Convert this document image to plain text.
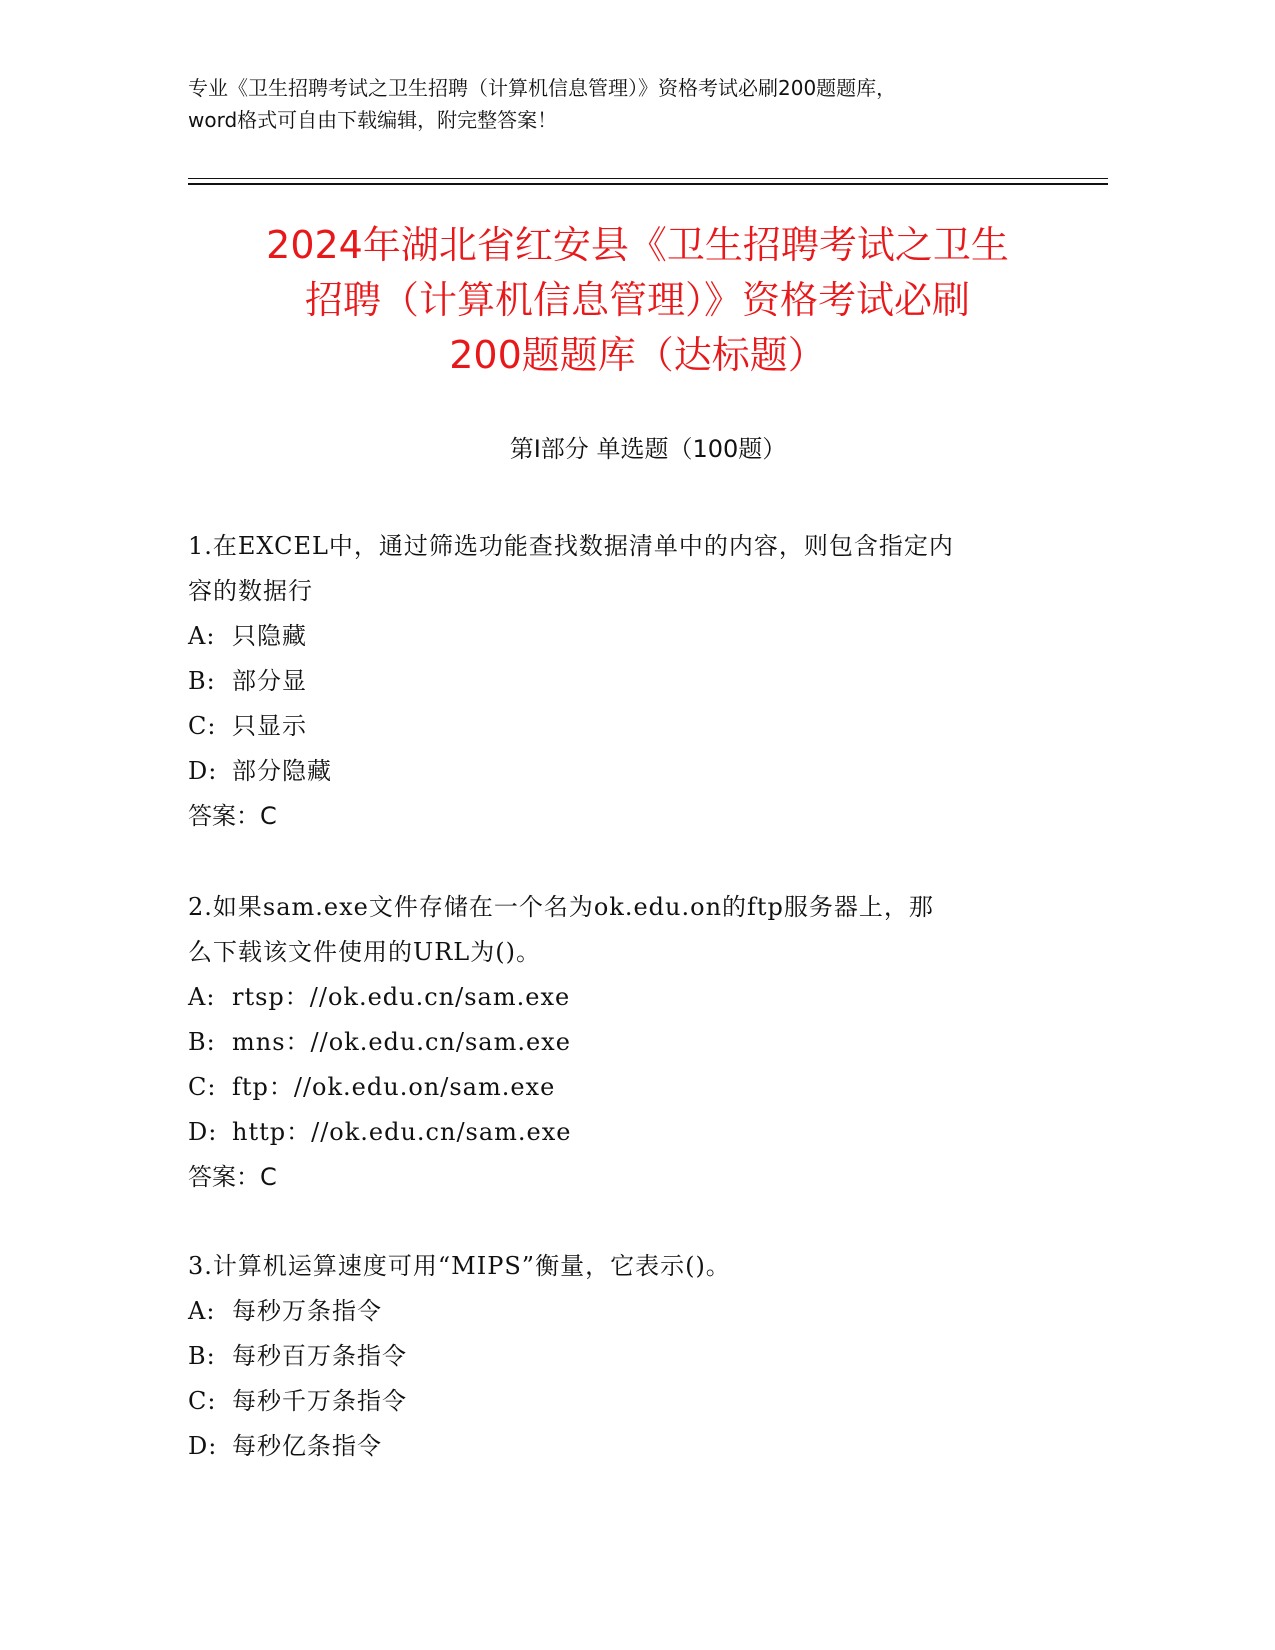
专业《卫生招聘考试之卫生招聘（计算机信息管理）》资格考试必刷200题题库，
word格式可自由下载编辑，附完整答案！
2024年湖北省红安县《卫生招聘考试之卫生
招聘（计算机信息管理）》资格考试必刷
200题题库（达标题）
第I部分 单选题（100题）
1.在EXCEL中，通过筛选功能查找数据清单中的内容，则包含指定内
容的数据行
A: 只隐藏
B: 部分显
C: 只显示
D: 部分隐藏
答案：C
2.如果sam.exe文件存储在一个名为ok.edu.on的ftp服务器上，那
么下载该文件使用的URL为()。
A: rtsp：//ok.edu.cn/sam.exe
B: mns：//ok.edu.cn/sam.exe
C: ftp：//ok.edu.on/sam.exe
D: http：//ok.edu.cn/sam.exe
答案：C
3.计算机运算速度可用“MIPS”衡量，它表示()。
A: 每秒万条指令
B: 每秒百万条指令
C: 每秒千万条指令
D: 每秒亿条指令
